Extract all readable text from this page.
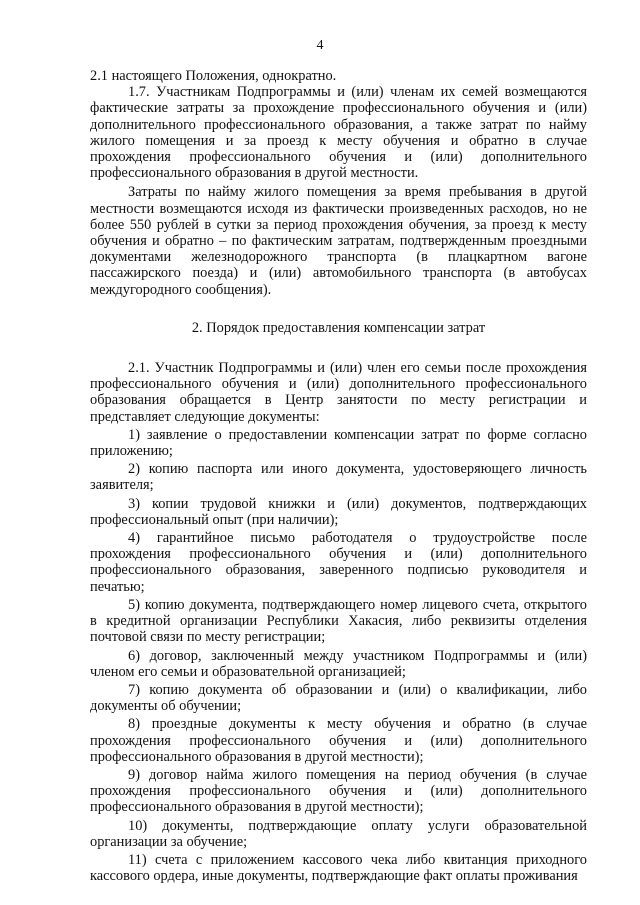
4

2.1 настоящего Положения, однократно.

1.7. Участникам Подпрограммы и (или) членам их семей возмещаются фактические затраты за прохождение профессионального обучения и (или) дополнительного профессионального образования, а также затрат по найму жилого помещения и за проезд к месту обучения и обратно в случае прохождения профессионального обучения и (или) дополнительного профессионального образования в другой местности.

Затраты по найму жилого помещения за время пребывания в другой местности возмещаются исходя из фактически произведенных расходов, но не более 550 рублей в сутки за период прохождения обучения, за проезд к месту обучения и обратно – по фактическим затратам, подтвержденным проездными документами железнодорожного транспорта (в плацкартном вагоне пассажирского поезда) и (или) автомобильного транспорта (в автобусах междугородного сообщения).

2. Порядок предоставления компенсации затрат

2.1. Участник Подпрограммы и (или) член его семьи после прохождения профессионального обучения и (или) дополнительного профессионального образования обращается в Центр занятости по месту регистрации и представляет следующие документы:

1) заявление о предоставлении компенсации затрат по форме согласно приложению;

2) копию паспорта или иного документа, удостоверяющего личность заявителя;

3) копии трудовой книжки и (или) документов, подтверждающих профессиональный опыт (при наличии);

4) гарантийное письмо работодателя о трудоустройстве после прохождения профессионального обучения и (или) дополнительного профессионального образования, заверенного подписью руководителя и печатью;

5) копию документа, подтверждающего номер лицевого счета, открытого в кредитной организации Республики Хакасия, либо реквизиты отделения почтовой связи по месту регистрации;

6) договор, заключенный между участником Подпрограммы и (или) членом его семьи и образовательной организацией;

7) копию документа об образовании и (или) о квалификации, либо документы об обучении;

8) проездные документы к месту обучения и обратно (в случае прохождения профессионального обучения и (или) дополнительного профессионального образования в другой местности);

9) договор найма жилого помещения на период обучения (в случае прохождения профессионального обучения и (или) дополнительного профессионального образования в другой местности);

10) документы, подтверждающие оплату услуги образовательной организации за обучение;

11) счета с приложением кассового чека либо квитанция приходного кассового ордера, иные документы, подтверждающие факт оплаты проживания
